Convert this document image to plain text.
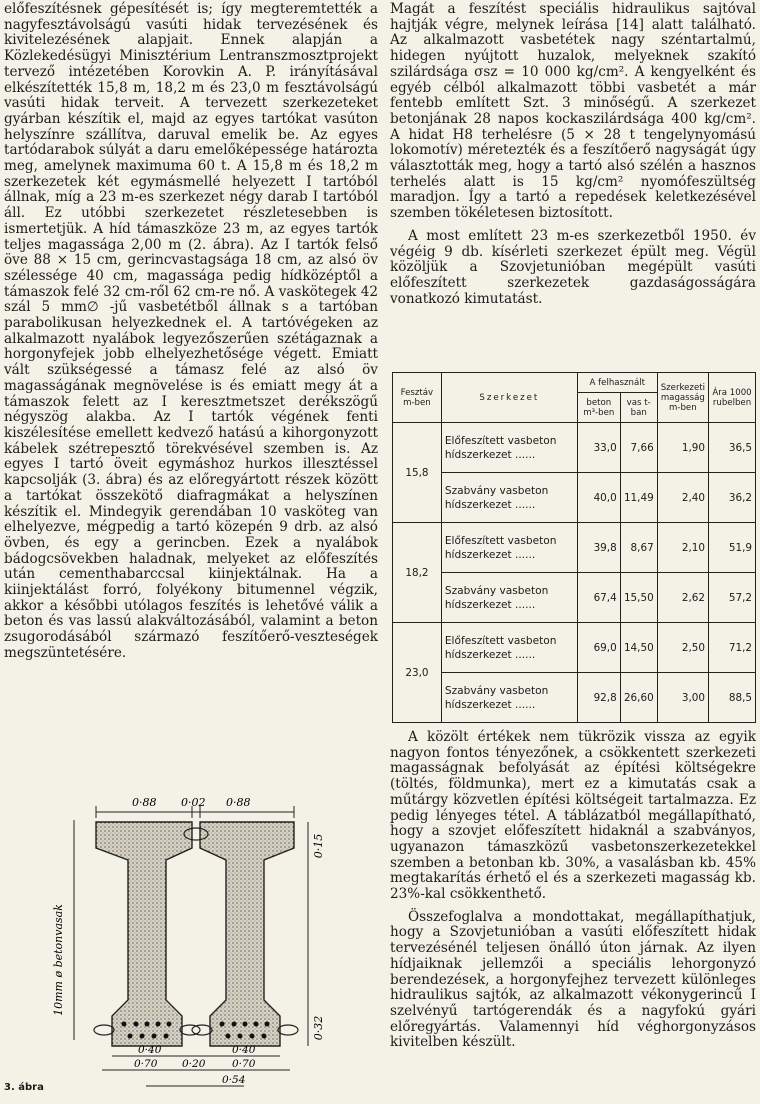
előfeszítésnek gépesítését is; így megteremtették a nagyfesztávolságú vasúti hidak tervezésének és kivitelezésének alapjait. Ennek alapján a Közlekedésügyi Minisztérium Lentranszmosztprojekt tervező intézetében Korovkin A. P. irányításával elkészítették 15,8 m, 18,2 m és 23,0 m fesztávolságú vasúti hidak terveit. A tervezett szerkezeteket gyárban készítik el, majd az egyes tartókat vasúton helyszínre szállítva, daruval emelik be. Az egyes tartódarabok súlyát a daru emelőképessége határozta meg, amelynek maximuma 60 t. A 15,8 m és 18,2 m szerkezetek két egymásmellé helyezett I tartóból állnak, míg a 23 m-es szerkezet négy darab I tartóból áll. Ez utóbbi szerkezetet részletesebben is ismertetjük. A híd támaszköze 23 m, az egyes tartók teljes magassága 2,00 m (2. ábra). Az I tartók felső öve 88 × 15 cm, gerincvastagsága 18 cm, az alsó öv szélessége 40 cm, magassága pedig hídközéptől a támaszok felé 32 cm-ről 62 cm-re nő. A vaskötegek 42 szál 5 mm∅ -jű vasbetétből állnak s a tartóban parabolikusan helyezkednek el. A tartóvégeken az alkalmazott nyalábok legyezőszerűen szétágaznak a horgonyfejek jobb elhelyezhetősége végett. Emiatt vált szükségessé a támasz felé az alsó öv magasságának megnövelése is és emiatt megy át a támaszok felett az I keresztmetszet derékszögű négyszög alakba. Az I tartók végének fenti kiszélesítése emellett kedvező hatású a kihorgonyzott kábelek szétrepesztő törekvésével szemben is. Az egyes I tartó öveit egymáshoz hurkos illesztéssel kapcsolják (3. ábra) és az előregyártott részek között a tartókat összekötő diafragmákat a helyszínen készítik el. Mindegyik gerendában 10 vasköteg van elhelyezve, mégpedig a tartó közepén 9 drb. az alsó övben, és egy a gerincben. Ezek a nyalábok bádogcsövekben haladnak, melyeket az előfeszítés után cementhabarccsal kiinjektálnak. Ha a kiinjektálást forró, folyékony bitumennel végzik, akkor a későbbi utólagos feszítés is lehetővé válik a beton és vas lassú alakváltozásából, valamint a beton zsugorodásából származó feszítőerő-veszteségek megszüntetésére.

Magát a feszítést speciális hidraulikus sajtóval hajtják végre, melynek leírása [14] alatt található. Az alkalmazott vasbetétek nagy széntartalmú, hidegen nyújtott huzalok, melyeknek szakító szilárdsága σsz = 10 000 kg/cm². A kengyelként és egyéb célból alkalmazott többi vasbetét a már fentebb említett Szt. 3 minőségű. A szerkezet betonjának 28 napos kockaszilárdsága 400 kg/cm². A hidat H8 terhelésre (5 × 28 t tengelynyomású lokomotív) méretezték és a feszítőerő nagyságát úgy választották meg, hogy a tartó alsó szélén a hasznos terhelés alatt is 15 kg/cm² nyomófeszültség maradjon. Így a tartó a repedések keletkezésével szemben tökéletesen biztosított.

A most említett 23 m-es szerkezetből 1950. év végéig 9 db. kísérleti szerkezet épült meg. Végül közöljük a Szovjetunióban megépült vasúti előfeszített szerkezetek gazdaságosságára vonatkozó kimutatást.

Fesztáv m-ben	Szerkezet	A felhasznált		Szerkezeti magasság m-ben	Ára 1000 rubelben
		beton m³-ben	vas t-ban		
15,8	Előfeszített vasbeton
hídszerkezet ......	33,0	7,66	1,90	36,5
	Szabvány vasbeton
hídszerkezet ......	40,0	11,49	2,40	36,2
18,2	Előfeszített vasbeton
hídszerkezet ......	39,8	8,67	2,10	51,9
	Szabvány vasbeton
hídszerkezet ......	67,4	15,50	2,62	57,2
23,0	Előfeszített vasbeton
hídszerkezet ......	69,0	14,50	2,50	71,2
	Szabvány vasbeton
hídszerkezet ......	92,8	26,60	3,00	88,5

A közölt értékek nem tükrözik vissza az egyik nagyon fontos tényezőnek, a csökkentett szerkezeti magasságnak befolyását az építési költségekre (töltés, földmunka), mert ez a kimutatás csak a műtárgy közvetlen építési költségeit tartalmazza. Ez pedig lényeges tétel. A táblázatból megállapítható, hogy a szovjet előfeszített hidaknál a szabványos, ugyanazon támaszközű vasbetonszerkezetekkel szemben a betonban kb. 30%, a vasalásban kb. 45% megtakarítás érhető el és a szerkezeti magasság kb. 23%-kal csökkenthető.

Összefoglalva a mondottakat, megállapíthatjuk, hogy a Szovjetunióban a vasúti előfeszített hidak tervezésénél teljesen önálló úton járnak. Az ilyen hídjaiknak jellemzői a speciális lehorgonyzó berendezések, a horgonyfejhez tervezett különleges hidraulikus sajtók, az alkalmazott vékonygerincű I szelvényű tartógerendák és a nagyfokú gyári előregyártás. Valamennyi híd véghorgonyzásos kivitelben készült.

0·88 0·02 0·88
10mm ø betonvasak
0·15
0·32
0·40	0·40
0·70 0·20	0·70
0·54
3. ábra
